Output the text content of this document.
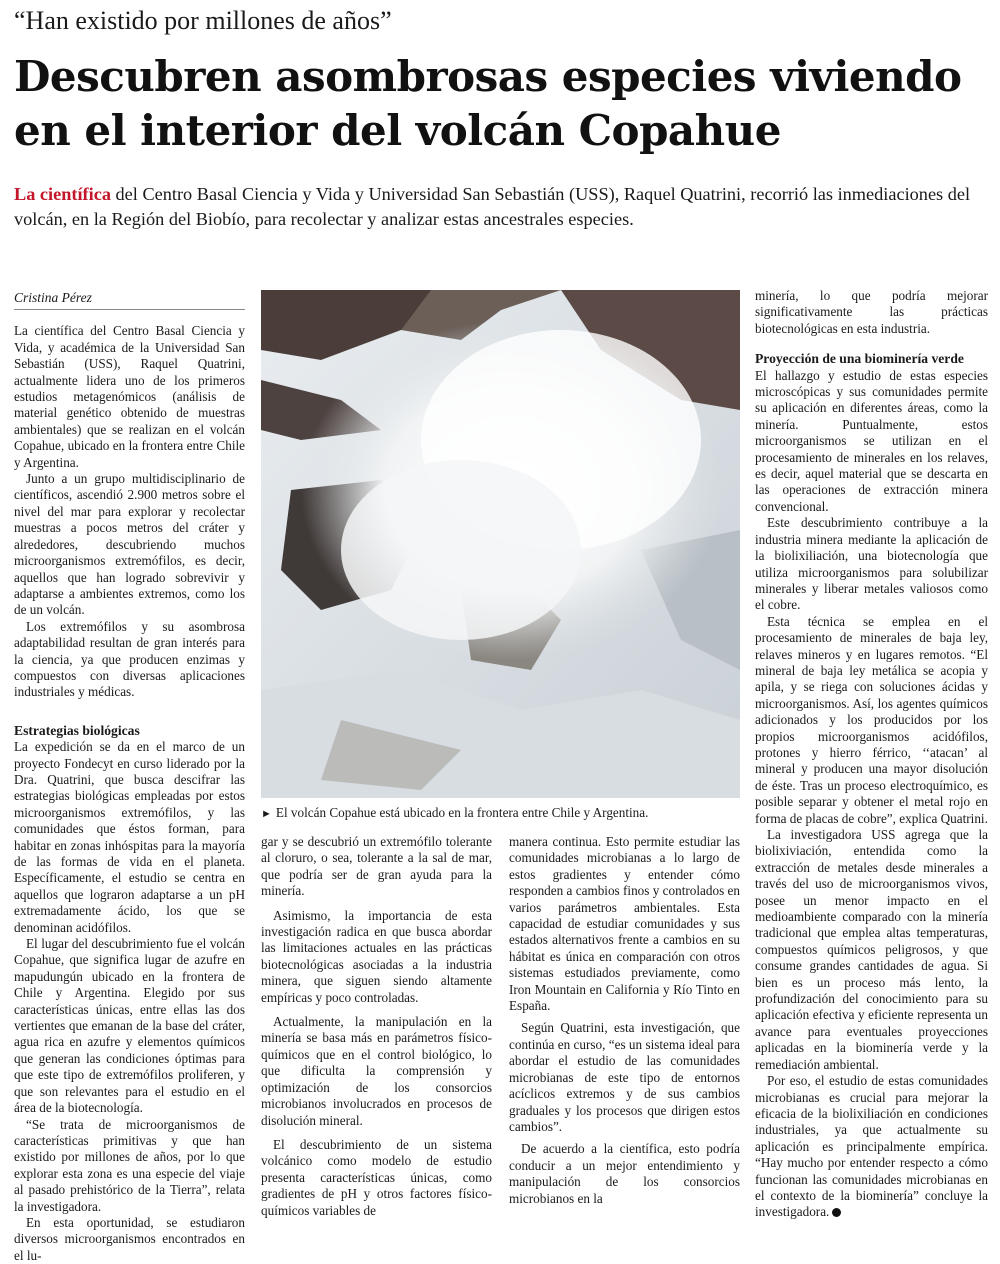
“Han existido por millones de años”
Descubren asombrosas especies viviendo en el interior del volcán Copahue
La científica del Centro Basal Ciencia y Vida y Universidad San Sebastián (USS), Raquel Quatrini, recorrió las inmediaciones del volcán, en la Región del Biobío, para recolectar y analizar estas ancestrales especies.
Cristina Pérez

La científica del Centro Basal Ciencia y Vida, y académica de la Universidad San Sebastián (USS), Raquel Quatrini, actualmente lidera uno de los primeros estudios metagenómicos (análisis de material genético obtenido de muestras ambientales) que se realizan en el volcán Copahue, ubicado en la frontera entre Chile y Argentina.

Junto a un grupo multidisciplinario de científicos, ascendió 2.900 metros sobre el nivel del mar para explorar y recolectar muestras a pocos metros del cráter y alrededores, descubriendo muchos microorganismos extremófilos, es decir, aquellos que han logrado sobrevivir y adaptarse a ambientes extremos, como los de un volcán.

Los extremófilos y su asombrosa adaptabilidad resultan de gran interés para la ciencia, ya que producen enzimas y compuestos con diversas aplicaciones industriales y médicas.

Estrategias biológicas

La expedición se da en el marco de un proyecto Fondecyt en curso liderado por la Dra. Quatrini, que busca descifrar las estrategias biológicas empleadas por estos microorganismos extremófilos, y las comunidades que éstos forman, para habitar en zonas inhóspitas para la mayoría de las formas de vida en el planeta. Específicamente, el estudio se centra en aquellos que lograron adaptarse a un pH extremadamente ácido, los que se denominan acidófilos.

El lugar del descubrimiento fue el volcán Copahue, que significa lugar de azufre en mapudungún ubicado en la frontera de Chile y Argentina. Elegido por sus características únicas, entre ellas las dos vertientes que emanan de la base del cráter, agua rica en azufre y elementos químicos que generan las condiciones óptimas para que este tipo de extremófilos proliferen, y que son relevantes para el estudio en el área de la biotecnología.

“Se trata de microorganismos de características primitivas y que han existido por millones de años, por lo que explorar esta zona es una especie del viaje al pasado prehistórico de la Tierra”, relata la investigadora.

En esta oportunidad, se estudiaron diversos microorganismos encontrados en el lu-

► El volcán Copahue está ubicado en la frontera entre Chile y Argentina.

gar y se descubrió un extremófilo tolerante al cloruro, o sea, tolerante a la sal de mar, que podría ser de gran ayuda para la minería.

Asimismo, la importancia de esta investigación radica en que busca abordar las limitaciones actuales en las prácticas biotecnológicas asociadas a la industria minera, que siguen siendo altamente empíricas y poco controladas.

Actualmente, la manipulación en la minería se basa más en parámetros físico-químicos que en el control biológico, lo que dificulta la comprensión y optimización de los consorcios microbianos involucrados en procesos de disolución mineral.

El descubrimiento de un sistema volcánico como modelo de estudio presenta características únicas, como gradientes de pH y otros factores físico-químicos variables de

manera continua. Esto permite estudiar las comunidades microbianas a lo largo de estos gradientes y entender cómo responden a cambios finos y controlados en varios parámetros ambientales. Esta capacidad de estudiar comunidades y sus estados alternativos frente a cambios en su hábitat es única en comparación con otros sistemas estudiados previamente, como Iron Mountain en California y Río Tinto en España.

Según Quatrini, esta investigación, que continúa en curso, “es un sistema ideal para abordar el estudio de las comunidades microbianas de este tipo de entornos acíclicos extremos y de sus cambios graduales y los procesos que dirigen estos cambios”.

De acuerdo a la científica, esto podría conducir a un mejor entendimiento y manipulación de los consorcios microbianos en la

minería, lo que podría mejorar significativamente las prácticas biotecnológicas en esta industria.

Proyección de una biominería verde

El hallazgo y estudio de estas especies microscópicas y sus comunidades permite su aplicación en diferentes áreas, como la minería. Puntualmente, estos microorganismos se utilizan en el procesamiento de minerales en los relaves, es decir, aquel material que se descarta en las operaciones de extracción minera convencional.

Este descubrimiento contribuye a la industria minera mediante la aplicación de la biolixiliación, una biotecnología que utiliza microorganismos para solubilizar minerales y liberar metales valiosos como el cobre.

Esta técnica se emplea en el procesamiento de minerales de baja ley, relaves mineros y en lugares remotos. “El mineral de baja ley metálica se acopia y apila, y se riega con soluciones ácidas y microorganismos. Así, los agentes químicos adicionados y los producidos por los propios microorganismos acidófilos, protones y hierro férrico, ‘‘atacan’ al mineral y producen una mayor disolución de éste. Tras un proceso electroquímico, es posible separar y obtener el metal rojo en forma de placas de cobre”, explica Quatrini.

La investigadora USS agrega que la biolixiviación, entendida como la extracción de metales desde minerales a través del uso de microorganismos vivos, posee un menor impacto en el medioambiente comparado con la minería tradicional que emplea altas temperaturas, compuestos químicos peligrosos, y que consume grandes cantidades de agua. Si bien es un proceso más lento, la profundización del conocimiento para su aplicación efectiva y eficiente representa un avance para eventuales proyecciones aplicadas en la biominería verde y la remediación ambiental.

Por eso, el estudio de estas comunidades microbianas es crucial para mejorar la eficacia de la biolixiliación en condiciones industriales, ya que actualmente su aplicación es principalmente empírica. “Hay mucho por entender respecto a cómo funcionan las comunidades microbianas en el contexto de la biominería” concluye la investigadora.
